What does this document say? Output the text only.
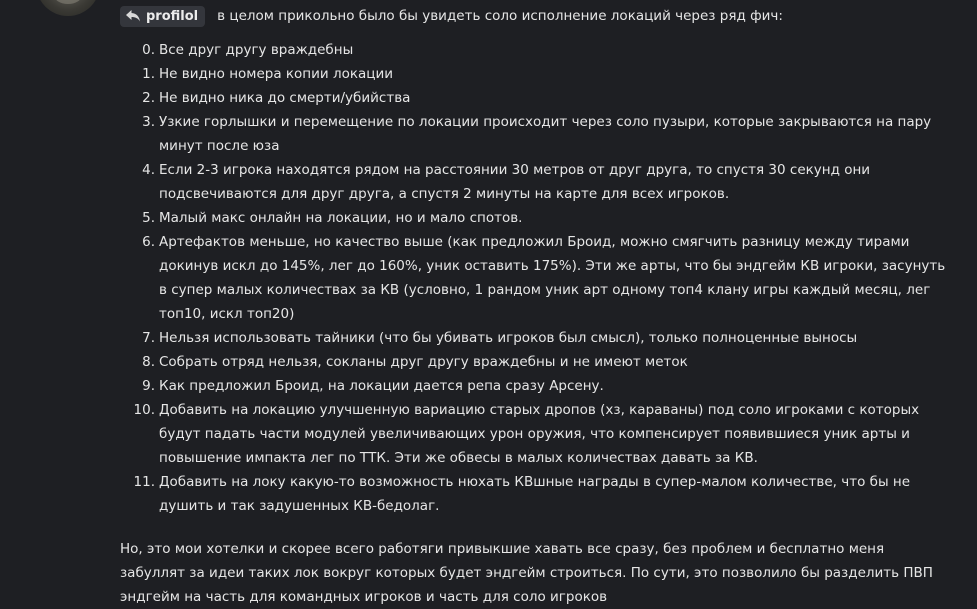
profilol в целом прикольно было бы увидеть соло исполнение локаций через ряд фич:
0. Все друг другу враждебны
1. Не видно номера копии локации
2. Не видно ника до смерти/убийства
3. Узкие горлышки и перемещение по локации происходит через соло пузыри, которые закрываются на пару минут после юза
4. Если 2-3 игрока находятся рядом на расстоянии 30 метров от друг друга, то спустя 30 секунд они подсвечиваются для друг друга, а спустя 2 минуты на карте для всех игроков.
5. Малый макс онлайн на локации, но и мало спотов.
6. Артефактов меньше, но качество выше (как предложил Броид, можно смягчить разницу между тирами докинув искл до 145%, лег до 160%, уник оставить 175%). Эти же арты, что бы эндгейм КВ игроки, засунуть в супер малых количествах за КВ (условно, 1 рандом уник арт одному топ4 клану игры каждый месяц, лег топ10, искл топ20)
7. Нельзя использовать тайники (что бы убивать игроков был смысл), только полноценные выносы
8. Собрать отряд нельзя, сокланы друг другу враждебны и не имеют меток
9. Как предложил Броид, на локации дается репа сразу Арсену.
10. Добавить на локацию улучшенную вариацию старых дропов (хз, караваны) под соло игроками с которых будут падать части модулей увеличивающих урон оружия, что компенсирует появившиеся уник арты и повышение импакта лег по ТТК. Эти же обвесы в малых количествах давать за КВ.
11. Добавить на локу какую-то возможность нюхать КВшные награды в супер-малом количестве, что бы не душить и так задушенных КВ-бедолаг.
Но, это мои хотелки и скорее всего работяги привыкшие хавать все сразу, без проблем и бесплатно меня забуллят за идеи таких лок вокруг которых будет эндгейм строиться. По сути, это позволило бы разделить ПВП эндгейм на часть для командных игроков и часть для соло игроков
